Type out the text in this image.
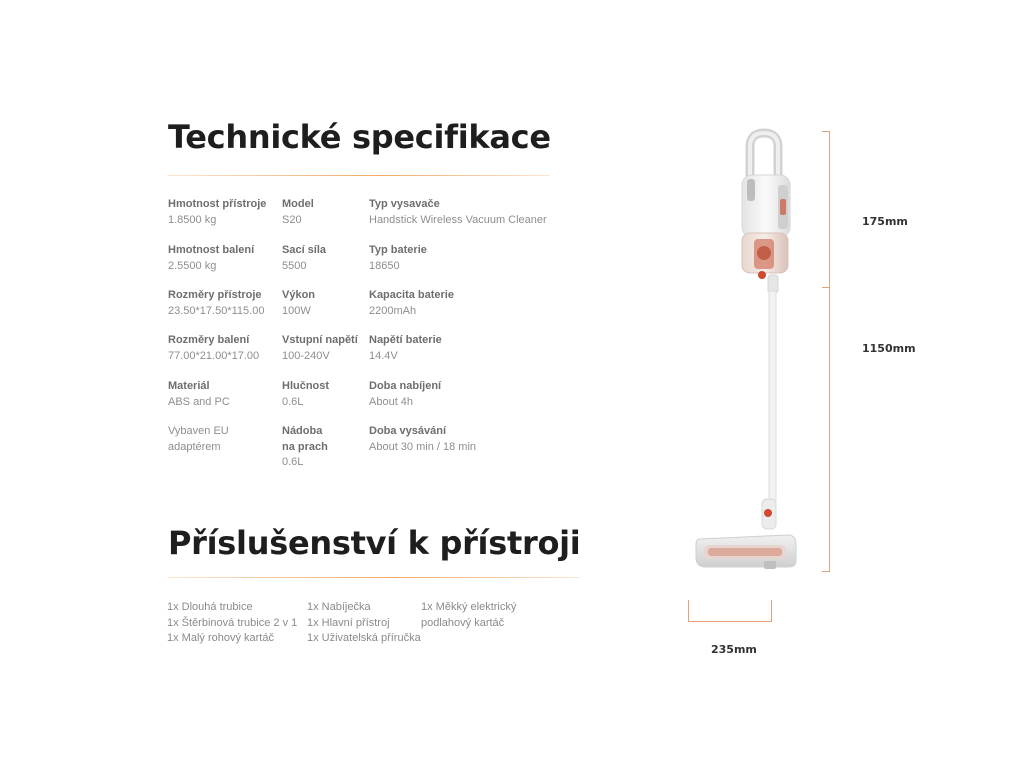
Technické specifikace
Hmotnost přístroje
1.8500 kg
Model
S20
Typ vysavače
Handstick Wireless Vacuum Cleaner
Hmotnost balení
2.5500 kg
Sací síla
5500
Typ baterie
18650
Rozměry přístroje
23.50*17.50*115.00
Výkon
100W
Kapacita baterie
2200mAh
Rozměry balení
77.00*21.00*17.00
Vstupní napětí
100-240V
Napětí baterie
14.4V
Materiál
ABS and PC
Hlučnost
0.6L
Doba nabíjení
About 4h
Vybaven EU
adaptérem
Nádoba
na prach
0.6L
Doba vysávání
About 30 min / 18 min
Příslušenství k přístroji
1x Dlouhá trubice
1x Štěrbinová trubice 2 v 1
1x Malý rohový kartáč
1x Nabíječka
1x Hlavní přístroj
1x Uživatelská příručka
1x Měkký elektrický
podlahový kartáč
175mm
1150mm
235mm
